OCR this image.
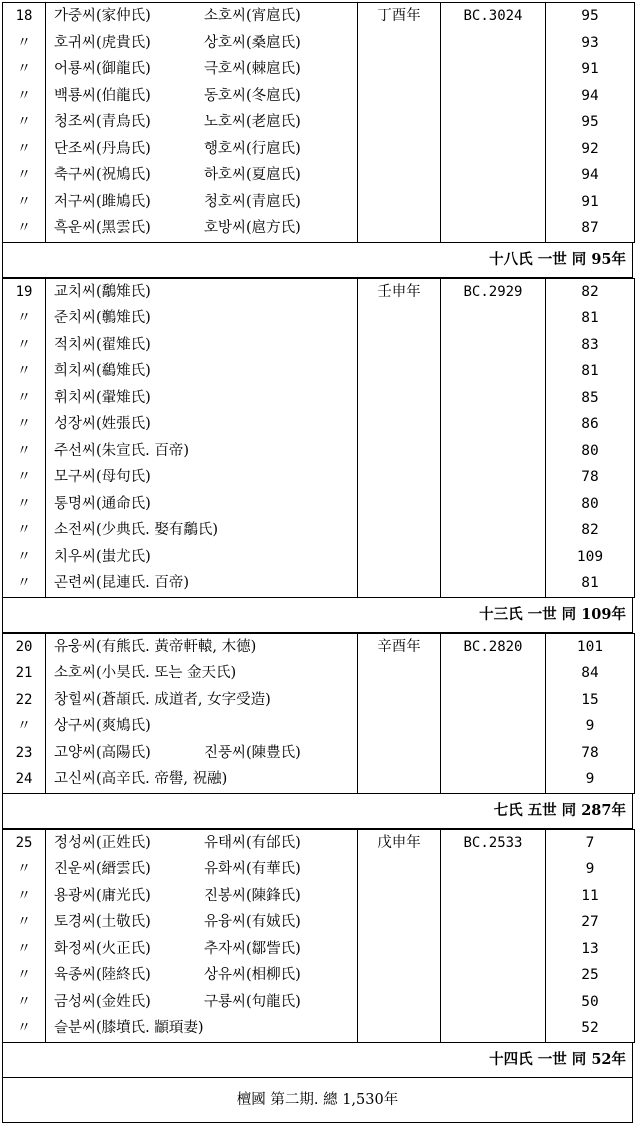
18	가중씨(家仲氏) 소호씨(宵扈氏)	丁酉年	BC.3024	95
〃	호귀씨(虎貴氏) 상호씨(桑扈氏)			93
〃	어룡씨(御龍氏) 극호씨(棘扈氏)			91
〃	백룡씨(伯龍氏) 동호씨(冬扈氏)			94
〃	청조씨(青鳥氏) 노호씨(老扈氏)			95
〃	단조씨(丹鳥氏) 행호씨(行扈氏)			92
〃	축구씨(祝鳩氏) 하호씨(夏扈氏)			94
〃	저구씨(雎鳩氏) 청호씨(青扈氏)			91
〃	흑운씨(黑雲氏) 호방씨(扈方氏)			87
十八氏 一世 同 95年
19	교치씨(鷮雉氏)	壬申年	BC.2929	82
〃	준치씨(鷷雉氏)			81
〃	적치씨(翟雉氏)			83
〃	희치씨(鵗雉氏)			81
〃	휘치씨(翬雉氏)			85
〃	성장씨(姓張氏)			86
〃	주선씨(朱宣氏. 百帝)			80
〃	모구씨(母句氏)			78
〃	통명씨(通命氏)			80
〃	소전씨(少典氏. 娶有鷮氏)			82
〃	치우씨(蚩尤氏)			109
〃	곤련씨(昆連氏. 百帝)			81
十三氏 一世 同 109年
20	유웅씨(有熊氏. 黃帝軒轅, 木德)	辛酉年	BC.2820	101
21	소호씨(小昊氏. 또는 金天氏)			84
22	창힐씨(蒼頡氏. 成道者, 女字受造)			15
〃	상구씨(爽鳩氏)			9
23	고양씨(高陽氏) 진풍씨(陳豊氏)			78
24	고신씨(高辛氏. 帝嚳, 祝融)			9
七氏 五世 同 287年
25	정성씨(正姓氏) 유태씨(有邰氏)	戊申年	BC.2533	7
〃	진운씨(縉雲氏) 유화씨(有華氏)			9
〃	용광씨(庸光氏) 진봉씨(陳鋒氏)			11
〃	토경씨(土敬氏) 유융씨(有娀氏)			27
〃	화정씨(火正氏) 추자씨(鄒訾氏)			13
〃	육종씨(陸終氏) 상유씨(相柳氏)			25
〃	금성씨(金姓氏) 구룡씨(句龍氏)			50
〃	슬분씨(膝墳氏. 顓頊妻)			52
十四氏 一世 同 52年
檀國 第二期. 總 1,530年
